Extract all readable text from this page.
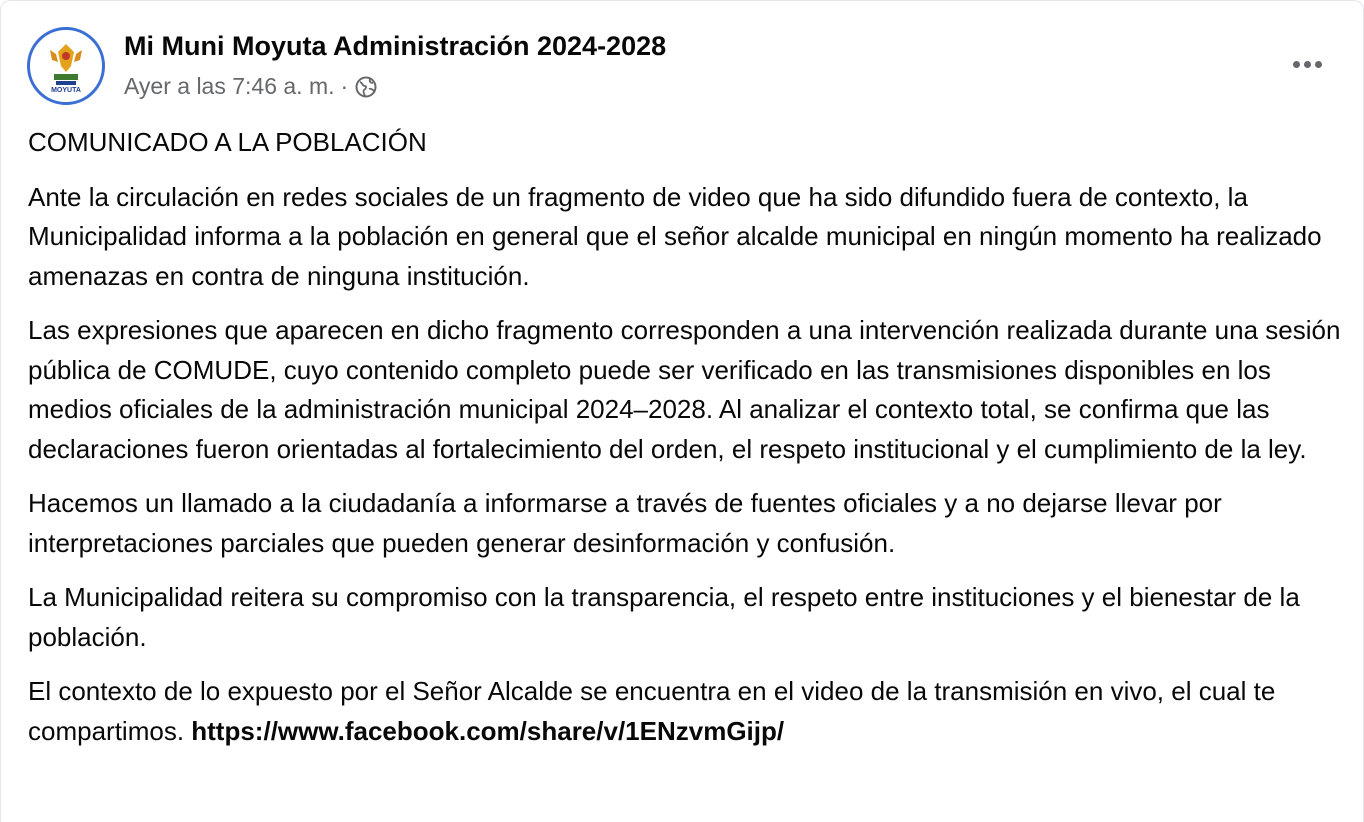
MOYUTA
Mi Muni Moyuta Administración 2024-2028
Ayer a las 7:46 a. m. ·

COMUNICADO A LA POBLACIÓN

Ante la circulación en redes sociales de un fragmento de video que ha sido difundido fuera de contexto, la Municipalidad informa a la población en general que el señor alcalde municipal en ningún momento ha realizado amenazas en contra de ninguna institución.

Las expresiones que aparecen en dicho fragmento corresponden a una intervención realizada durante una sesión pública de COMUDE, cuyo contenido completo puede ser verificado en las transmisiones disponibles en los medios oficiales de la administración municipal 2024–2028. Al analizar el contexto total, se confirma que las declaraciones fueron orientadas al fortalecimiento del orden, el respeto institucional y el cumplimiento de la ley.

Hacemos un llamado a la ciudadanía a informarse a través de fuentes oficiales y a no dejarse llevar por interpretaciones parciales que pueden generar desinformación y confusión.

La Municipalidad reitera su compromiso con la transparencia, el respeto entre instituciones y el bienestar de la población.

El contexto de lo expuesto por el Señor Alcalde se encuentra en el video de la transmisión en vivo, el cual te compartimos. https://www.facebook.com/share/v/1ENzvmGijp/
